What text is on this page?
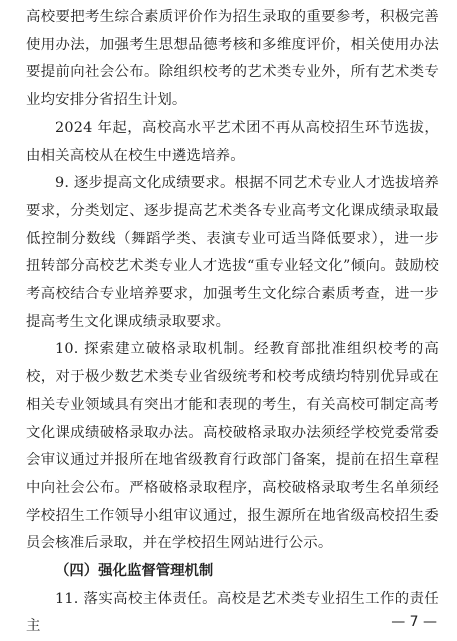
高校要把考生综合素质评价作为招生录取的重要参考，积极完善使用办法，加强考生思想品德考核和多维度评价，相关使用办法要提前向社会公布。除组织校考的艺术类专业外，所有艺术类专业均安排分省招生计划。

2024 年起，高校高水平艺术团不再从高校招生环节选拔，由相关高校从在校生中遴选培养。

9. 逐步提高文化成绩要求。根据不同艺术专业人才选拔培养要求，分类划定、逐步提高艺术类各专业高考文化课成绩录取最低控制分数线（舞蹈学类、表演专业可适当降低要求），进一步扭转部分高校艺术类专业人才选拔“重专业轻文化”倾向。鼓励校考高校结合专业培养要求，加强考生文化综合素质考查，进一步提高考生文化课成绩录取要求。

10. 探索建立破格录取机制。经教育部批准组织校考的高校，对于极少数艺术类专业省级统考和校考成绩均特别优异或在相关专业领域具有突出才能和表现的考生，有关高校可制定高考文化课成绩破格录取办法。高校破格录取办法须经学校党委常委会审议通过并报所在地省级教育行政部门备案，提前在招生章程中向社会公布。严格破格录取程序，高校破格录取考生名单须经学校招生工作领导小组审议通过，报生源所在地省级高校招生委员会核准后录取，并在学校招生网站进行公示。

（四）强化监督管理机制

11. 落实高校主体责任。高校是艺术类专业招生工作的责任主	— 7 —
